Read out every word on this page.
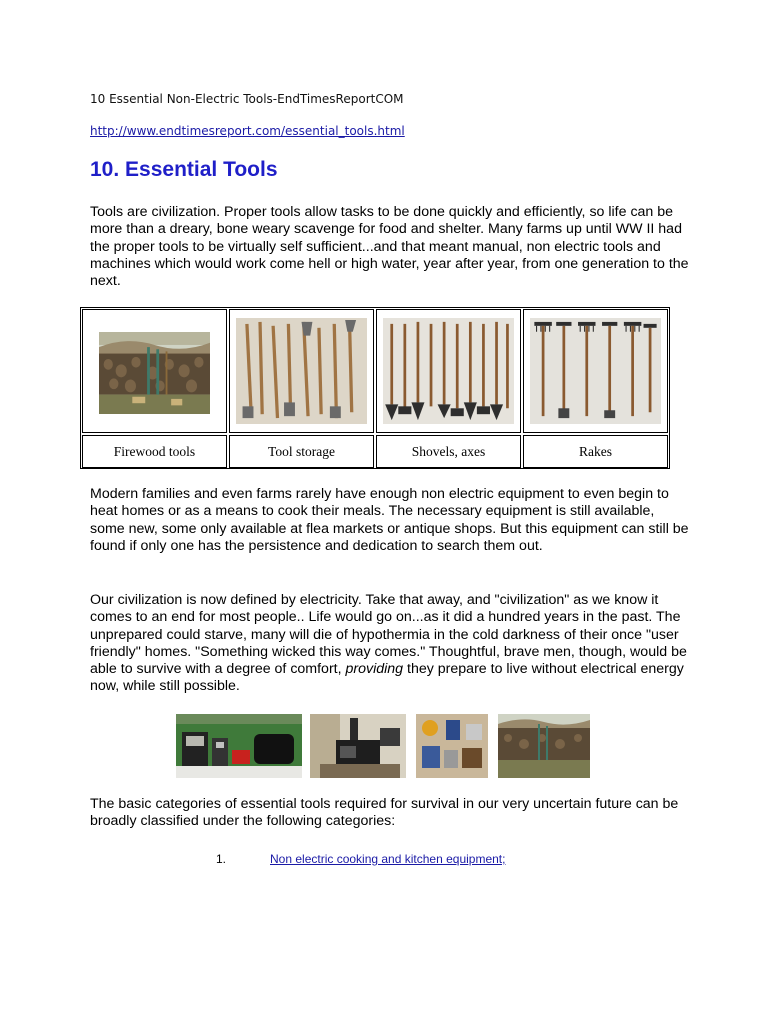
10 Essential Non-Electric Tools-EndTimesReportCOM
http://www.endtimesreport.com/essential_tools.html
10. Essential Tools

Tools are civilization. Proper tools allow tasks to be done quickly and efficiently, so life can be more than a dreary, bone weary scavenge for food and shelter. Many farms up until WW II had the proper tools to be virtually self sufficient...and that meant manual, non electric tools and machines which would work come hell or high water, year after year, from one generation to the next.

Firewood tools	Tool storage	Shovels, axes	Rakes

Modern families and even farms rarely have enough non electric equipment to even begin to heat homes or as a means to cook their meals. The necessary equipment is still available, some new, some only available at flea markets or antique shops. But this equipment can still be found if only one has the persistence and dedication to search them out.

Our civilization is now defined by electricity. Take that away, and "civilization" as we know it comes to an end for most people.. Life would go on...as it did a hundred years in the past. The unprepared could starve, many will die of hypothermia in the cold darkness of their once "user friendly" homes. "Something wicked this way comes." Thoughtful, brave men, though, would be able to survive with a degree of comfort, providing they prepare to live without electrical energy now, while still possible.

The basic categories of essential tools required for survival in our very uncertain future can be broadly classified under the following categories:

1.	Non electric cooking and kitchen equipment;
